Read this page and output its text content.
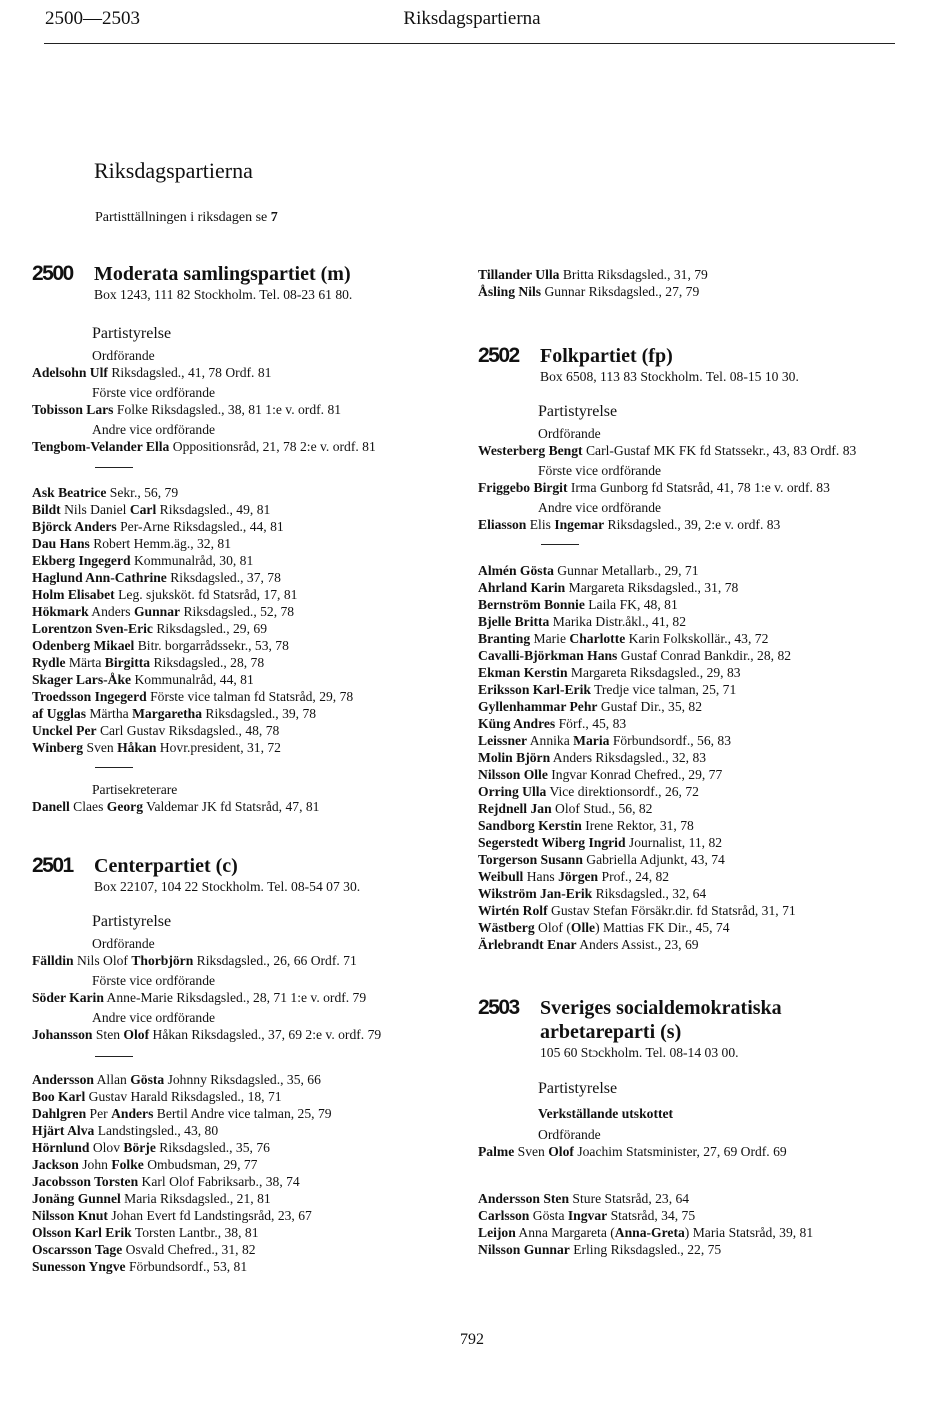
2500—2503	Riksdagspartierna
Riksdagspartierna
Partisttällningen i riksdagen se 7
2500 Moderata samlingspartiet (m)
Box 1243, 111 82 Stockholm. Tel. 08-23 61 80.
Partistyrelse
Ordförande
Adelsohn Ulf Riksdagsled., 41, 78 Ordf. 81
Förste vice ordförande
Tobisson Lars Folke Riksdagsled., 38, 81 1:e v. ordf. 81
Andre vice ordförande
Tengbom-Velander Ella Oppositionsråd, 21, 78 2:e v. ordf. 81
Ask Beatrice Sekr., 56, 79
Bildt Nils Daniel Carl Riksdagsled., 49, 81
Björck Anders Per-Arne Riksdagsled., 44, 81
Dau Hans Robert Hemm.äg., 32, 81
Ekberg Ingegerd Kommunalråd, 30, 81
Haglund Ann-Cathrine Riksdagsled., 37, 78
Holm Elisabet Leg. sjuksköt. fd Statsråd, 17, 81
Hökmark Anders Gunnar Riksdagsled., 52, 78
Lorentzon Sven-Eric Riksdagsled., 29, 69
Odenberg Mikael Bitr. borgarrådssekr., 53, 78
Rydle Märta Birgitta Riksdagsled., 28, 78
Skager Lars-Åke Kommunalråd, 44, 81
Troedsson Ingegerd Förste vice talman fd Statsråd, 29, 78
af Ugglas Märtha Margaretha Riksdagsled., 39, 78
Unckel Per Carl Gustav Riksdagsled., 48, 78
Winberg Sven Håkan Hovr.president, 31, 72
Partisekreterare
Danell Claes Georg Valdemar JK fd Statsråd, 47, 81
2501 Centerpartiet (c)
Box 22107, 104 22 Stockholm. Tel. 08-54 07 30.
Partistyrelse
Ordförande
Fälldin Nils Olof Thorbjörn Riksdagsled., 26, 66 Ordf. 71
Förste vice ordförande
Söder Karin Anne-Marie Riksdagsled., 28, 71 1:e v. ordf. 79
Andre vice ordförande
Johansson Sten Olof Håkan Riksdagsled., 37, 69 2:e v. ordf. 79
Andersson Allan Gösta Johnny Riksdagsled., 35, 66
Boo Karl Gustav Harald Riksdagsled., 18, 71
Dahlgren Per Anders Bertil Andre vice talman, 25, 79
Hjärt Alva Landstingsled., 43, 80
Hörnlund Olov Börje Riksdagsled., 35, 76
Jackson John Folke Ombudsman, 29, 77
Jacobsson Torsten Karl Olof Fabriksarb., 38, 74
Jonäng Gunnel Maria Riksdagsled., 21, 81
Nilsson Knut Johan Evert fd Landstingsråd, 23, 67
Olsson Karl Erik Torsten Lantbr., 38, 81
Oscarsson Tage Osvald Chefred., 31, 82
Sunesson Yngve Förbundsordf., 53, 81
Tillander Ulla Britta Riksdagsled., 31, 79
Åsling Nils Gunnar Riksdagsled., 27, 79
2502 Folkpartiet (fp)
Box 6508, 113 83 Stockholm. Tel. 08-15 10 30.
Partistyrelse
Ordförande
Westerberg Bengt Carl-Gustaf MK FK fd Statssekr., 43, 83 Ordf. 83
Förste vice ordförande
Friggebo Birgit Irma Gunborg fd Statsråd, 41, 78 1:e v. ordf. 83
Andre vice ordförande
Eliasson Elis Ingemar Riksdagsled., 39, 2:e v. ordf. 83
Almén Gösta Gunnar Metallarb., 29, 71
Ahrland Karin Margareta Riksdagsled., 31, 78
Bernström Bonnie Laila FK, 48, 81
Bjelle Britta Marika Distr.åkl., 41, 82
Branting Marie Charlotte Karin Folkskollär., 43, 72
Cavalli-Björkman Hans Gustaf Conrad Bankdir., 28, 82
Ekman Kerstin Margareta Riksdagsled., 29, 83
Eriksson Karl-Erik Tredje vice talman, 25, 71
Gyllenhammar Pehr Gustaf Dir., 35, 82
Küng Andres Förf., 45, 83
Leissner Annika Maria Förbundsordf., 56, 83
Molin Björn Anders Riksdagsled., 32, 83
Nilsson Olle Ingvar Konrad Chefred., 29, 77
Orring Ulla Vice direktionsordf., 26, 72
Rejdnell Jan Olof Stud., 56, 82
Sandborg Kerstin Irene Rektor, 31, 78
Segerstedt Wiberg Ingrid Journalist, 11, 82
Torgerson Susann Gabriella Adjunkt, 43, 74
Weibull Hans Jörgen Prof., 24, 82
Wikström Jan-Erik Riksdagsled., 32, 64
Wirtén Rolf Gustav Stefan Försäkr.dir. fd Statsråd, 31, 71
Wästberg Olof (Olle) Mattias FK Dir., 45, 74
Ärlebrandt Enar Anders Assist., 23, 69
2503 Sveriges socialdemokratiska
arbetareparti (s)
105 60 Stɔckholm. Tel. 08-14 03 00.
Partistyrelse
Verkställande utskottet
Ordförande
Palme Sven Olof Joachim Statsminister, 27, 69 Ordf. 69
Andersson Sten Sture Statsråd, 23, 64
Carlsson Gösta Ingvar Statsråd, 34, 75
Leijon Anna Margareta (Anna-Greta) Maria Statsråd, 39, 81
Nilsson Gunnar Erling Riksdagsled., 22, 75
792
